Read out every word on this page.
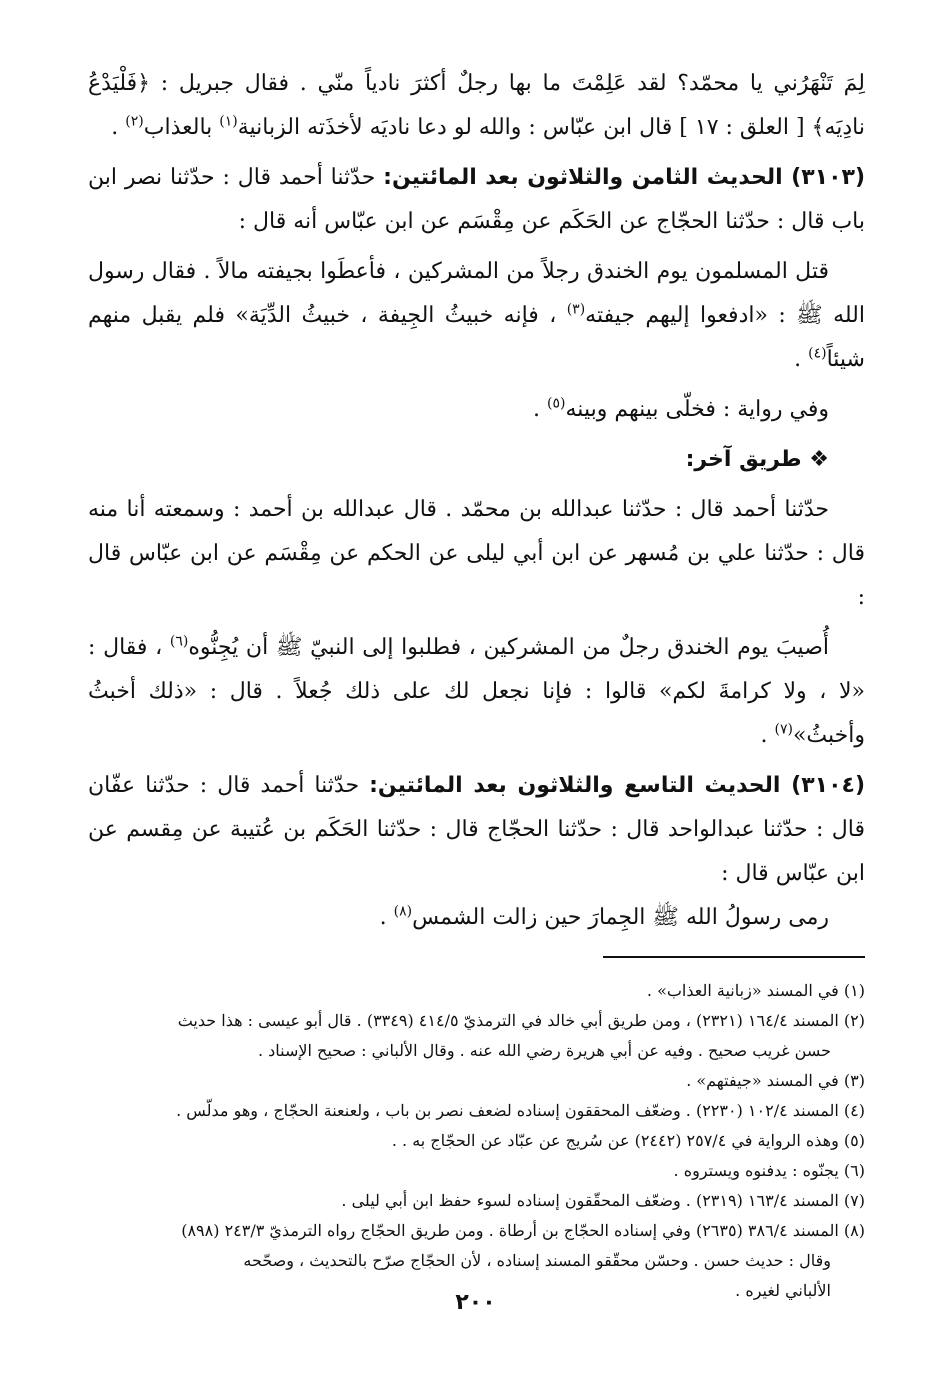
لِمَ تَنْهَرُني يا محمّد؟ لقد عَلِمْتَ ما بها رجلٌ أكثرَ نادياً منّي . فقال جبريل : ﴿فَلْيَدْعُ نادِيَه﴾ [ العلق : ١٧ ] قال ابن عبّاس : والله لو دعا ناديَه لأخذَته الزبانية$^{(١)}$ بالعذاب$^{(٢)}$ .

(٣١٠٣) الحديث الثامن والثلاثون بعد المائتين: حدّثنا أحمد قال : حدّثنا نصر ابن باب قال : حدّثنا الحجّاج عن الحَكَم عن مِقْسَم عن ابن عبّاس أنه قال :

قتل المسلمون يوم الخندق رجلاً من المشركين ، فأعطَوا بجيفته مالاً . فقال رسول الله ﷺ : «ادفعوا إليهم جيفته$^{(٣)}$ ، فإنه خبيثُ الجِيفة ، خبيثُ الدِّيَة» فلم يقبل منهم شيئاً$^{(٤)}$ .

وفي رواية : فخلّى بينهم وبينه$^{(٥)}$ .

❖ طريق آخر:

حدّثنا أحمد قال : حدّثنا عبدالله بن محمّد . قال عبدالله بن أحمد : وسمعته أنا منه قال : حدّثنا علي بن مُسهر عن ابن أبي ليلى عن الحكم عن مِقْسَم عن ابن عبّاس قال :

أُصيبَ يوم الخندق رجلٌ من المشركين ، فطلبوا إلى النبيّ ﷺ أن يُجِنُّوه$^{(٦)}$ ، فقال : «لا ، ولا كرامةَ لكم» قالوا : فإنا نجعل لك على ذلك جُعلاً . قال : «ذلك أخبثُ وأخبثُ»$^{(٧)}$ .

(٣١٠٤) الحديث التاسع والثلاثون بعد المائتين: حدّثنا أحمد قال : حدّثنا عفّان قال : حدّثنا عبدالواحد قال : حدّثنا الحجّاج قال : حدّثنا الحَكَم بن عُتيبة عن مِقسم عن ابن عبّاس قال :

رمى رسولُ الله ﷺ الجِمارَ حين زالت الشمس$^{(٨)}$ .

(١) في المسند «زبانية العذاب» .

(٢) المسند ١٦٤/٤ (٢٣٢١) ، ومن طريق أبي خالد في الترمذيّ ٤١٤/٥ (٣٣٤٩) . قال أبو عيسى : هذا حديث

حسن غريب صحيح . وفيه عن أبي هريرة رضي الله عنه . وقال الألباني : صحيح الإسناد .

(٣) في المسند «جيفتهم» .

(٤) المسند ١٠٢/٤ (٢٢٣٠) . وضعّف المحققون إسناده لضعف نصر بن باب ، ولعنعنة الحجّاج ، وهو مدلّس .

(٥) وهذه الرواية في ٢٥٧/٤ (٢٤٤٢) عن سُريج عن عبّاد عن الحجّاج به . .

(٦) يجنّوه : يدفنوه ويستروه .

(٧) المسند ١٦٣/٤ (٢٣١٩) . وضعّف المحقّقون إسناده لسوء حفظ ابن أبي ليلى .

(٨) المسند ٣٨٦/٤ (٢٦٣٥) وفي إسناده الحجّاج بن أرطاة . ومن طريق الحجّاج رواه الترمذيّ ٢٤٣/٣ (٨٩٨)

وقال : حديث حسن . وحسّن محقّقو المسند إسناده ، لأن الحجّاج صرّح بالتحديث ، وصحّحه

الألباني لغيره .

٢٠٠
